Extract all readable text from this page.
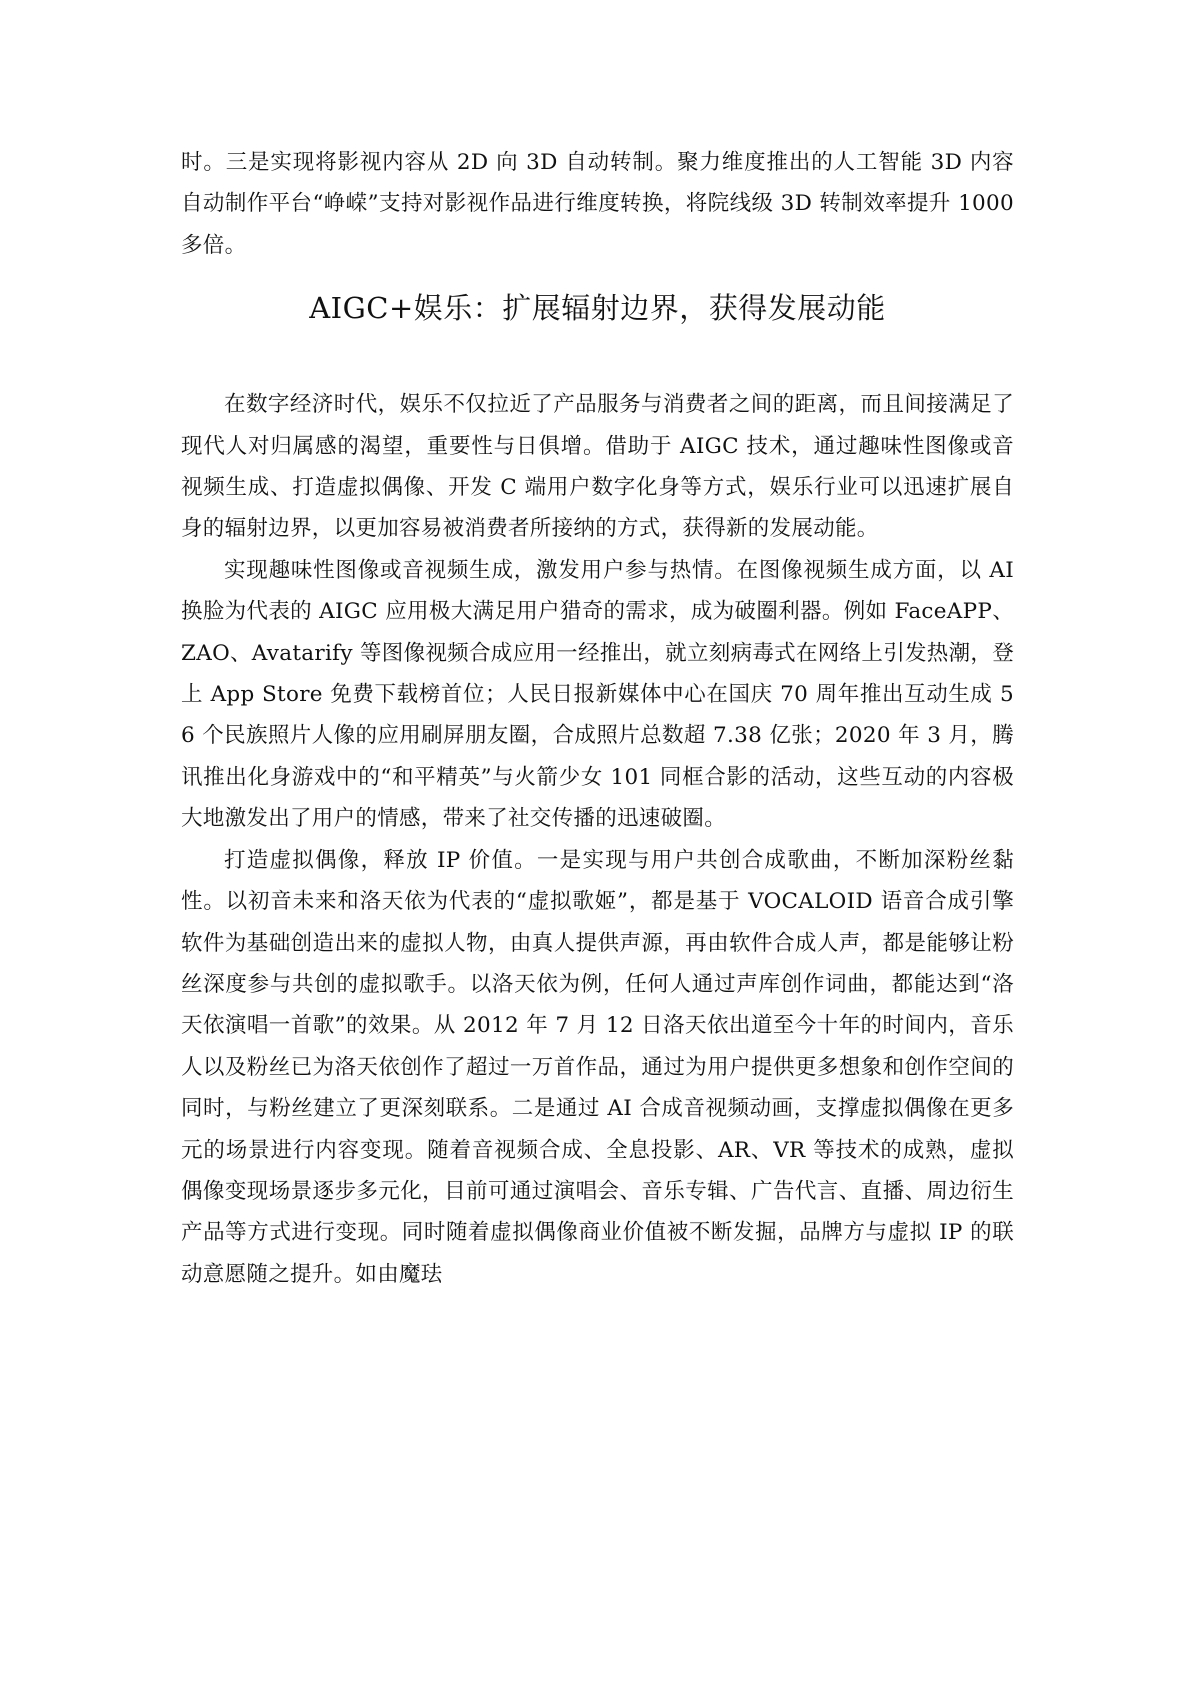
时。三是实现将影视内容从 2D 向 3D 自动转制。聚力维度推出的人工智能 3D 内容自动制作平台“峥嵘”支持对影视作品进行维度转换，将院线级 3D 转制效率提升 1000 多倍。

AIGC+娱乐：扩展辐射边界，获得发展动能

在数字经济时代，娱乐不仅拉近了产品服务与消费者之间的距离，而且间接满足了现代人对归属感的渴望，重要性与日俱增。借助于 AIGC 技术，通过趣味性图像或音视频生成、打造虚拟偶像、开发 C 端用户数字化身等方式，娱乐行业可以迅速扩展自身的辐射边界，以更加容易被消费者所接纳的方式，获得新的发展动能。

实现趣味性图像或音视频生成，激发用户参与热情。在图像视频生成方面，以 AI 换脸为代表的 AIGC 应用极大满足用户猎奇的需求，成为破圈利器。例如 FaceAPP、ZAO、Avatarify 等图像视频合成应用一经推出，就立刻病毒式在网络上引发热潮，登上 App Store 免费下载榜首位；人民日报新媒体中心在国庆 70 周年推出互动生成 56 个民族照片人像的应用刷屏朋友圈，合成照片总数超 7.38 亿张；2020 年 3 月，腾讯推出化身游戏中的“和平精英”与火箭少女 101 同框合影的活动，这些互动的内容极大地激发出了用户的情感，带来了社交传播的迅速破圈。

打造虚拟偶像，释放 IP 价值。一是实现与用户共创合成歌曲，不断加深粉丝黏性。以初音未来和洛天依为代表的“虚拟歌姬”，都是基于 VOCALOID 语音合成引擎软件为基础创造出来的虚拟人物，由真人提供声源，再由软件合成人声，都是能够让粉丝深度参与共创的虚拟歌手。以洛天依为例，任何人通过声库创作词曲，都能达到“洛天依演唱一首歌”的效果。从 2012 年 7 月 12 日洛天依出道至今十年的时间内，音乐人以及粉丝已为洛天依创作了超过一万首作品，通过为用户提供更多想象和创作空间的同时，与粉丝建立了更深刻联系。二是通过 AI 合成音视频动画，支撑虚拟偶像在更多元的场景进行内容变现。随着音视频合成、全息投影、AR、VR 等技术的成熟，虚拟偶像变现场景逐步多元化，目前可通过演唱会、音乐专辑、广告代言、直播、周边衍生产品等方式进行变现。同时随着虚拟偶像商业价值被不断发掘，品牌方与虚拟 IP 的联动意愿随之提升。如由魔珐
